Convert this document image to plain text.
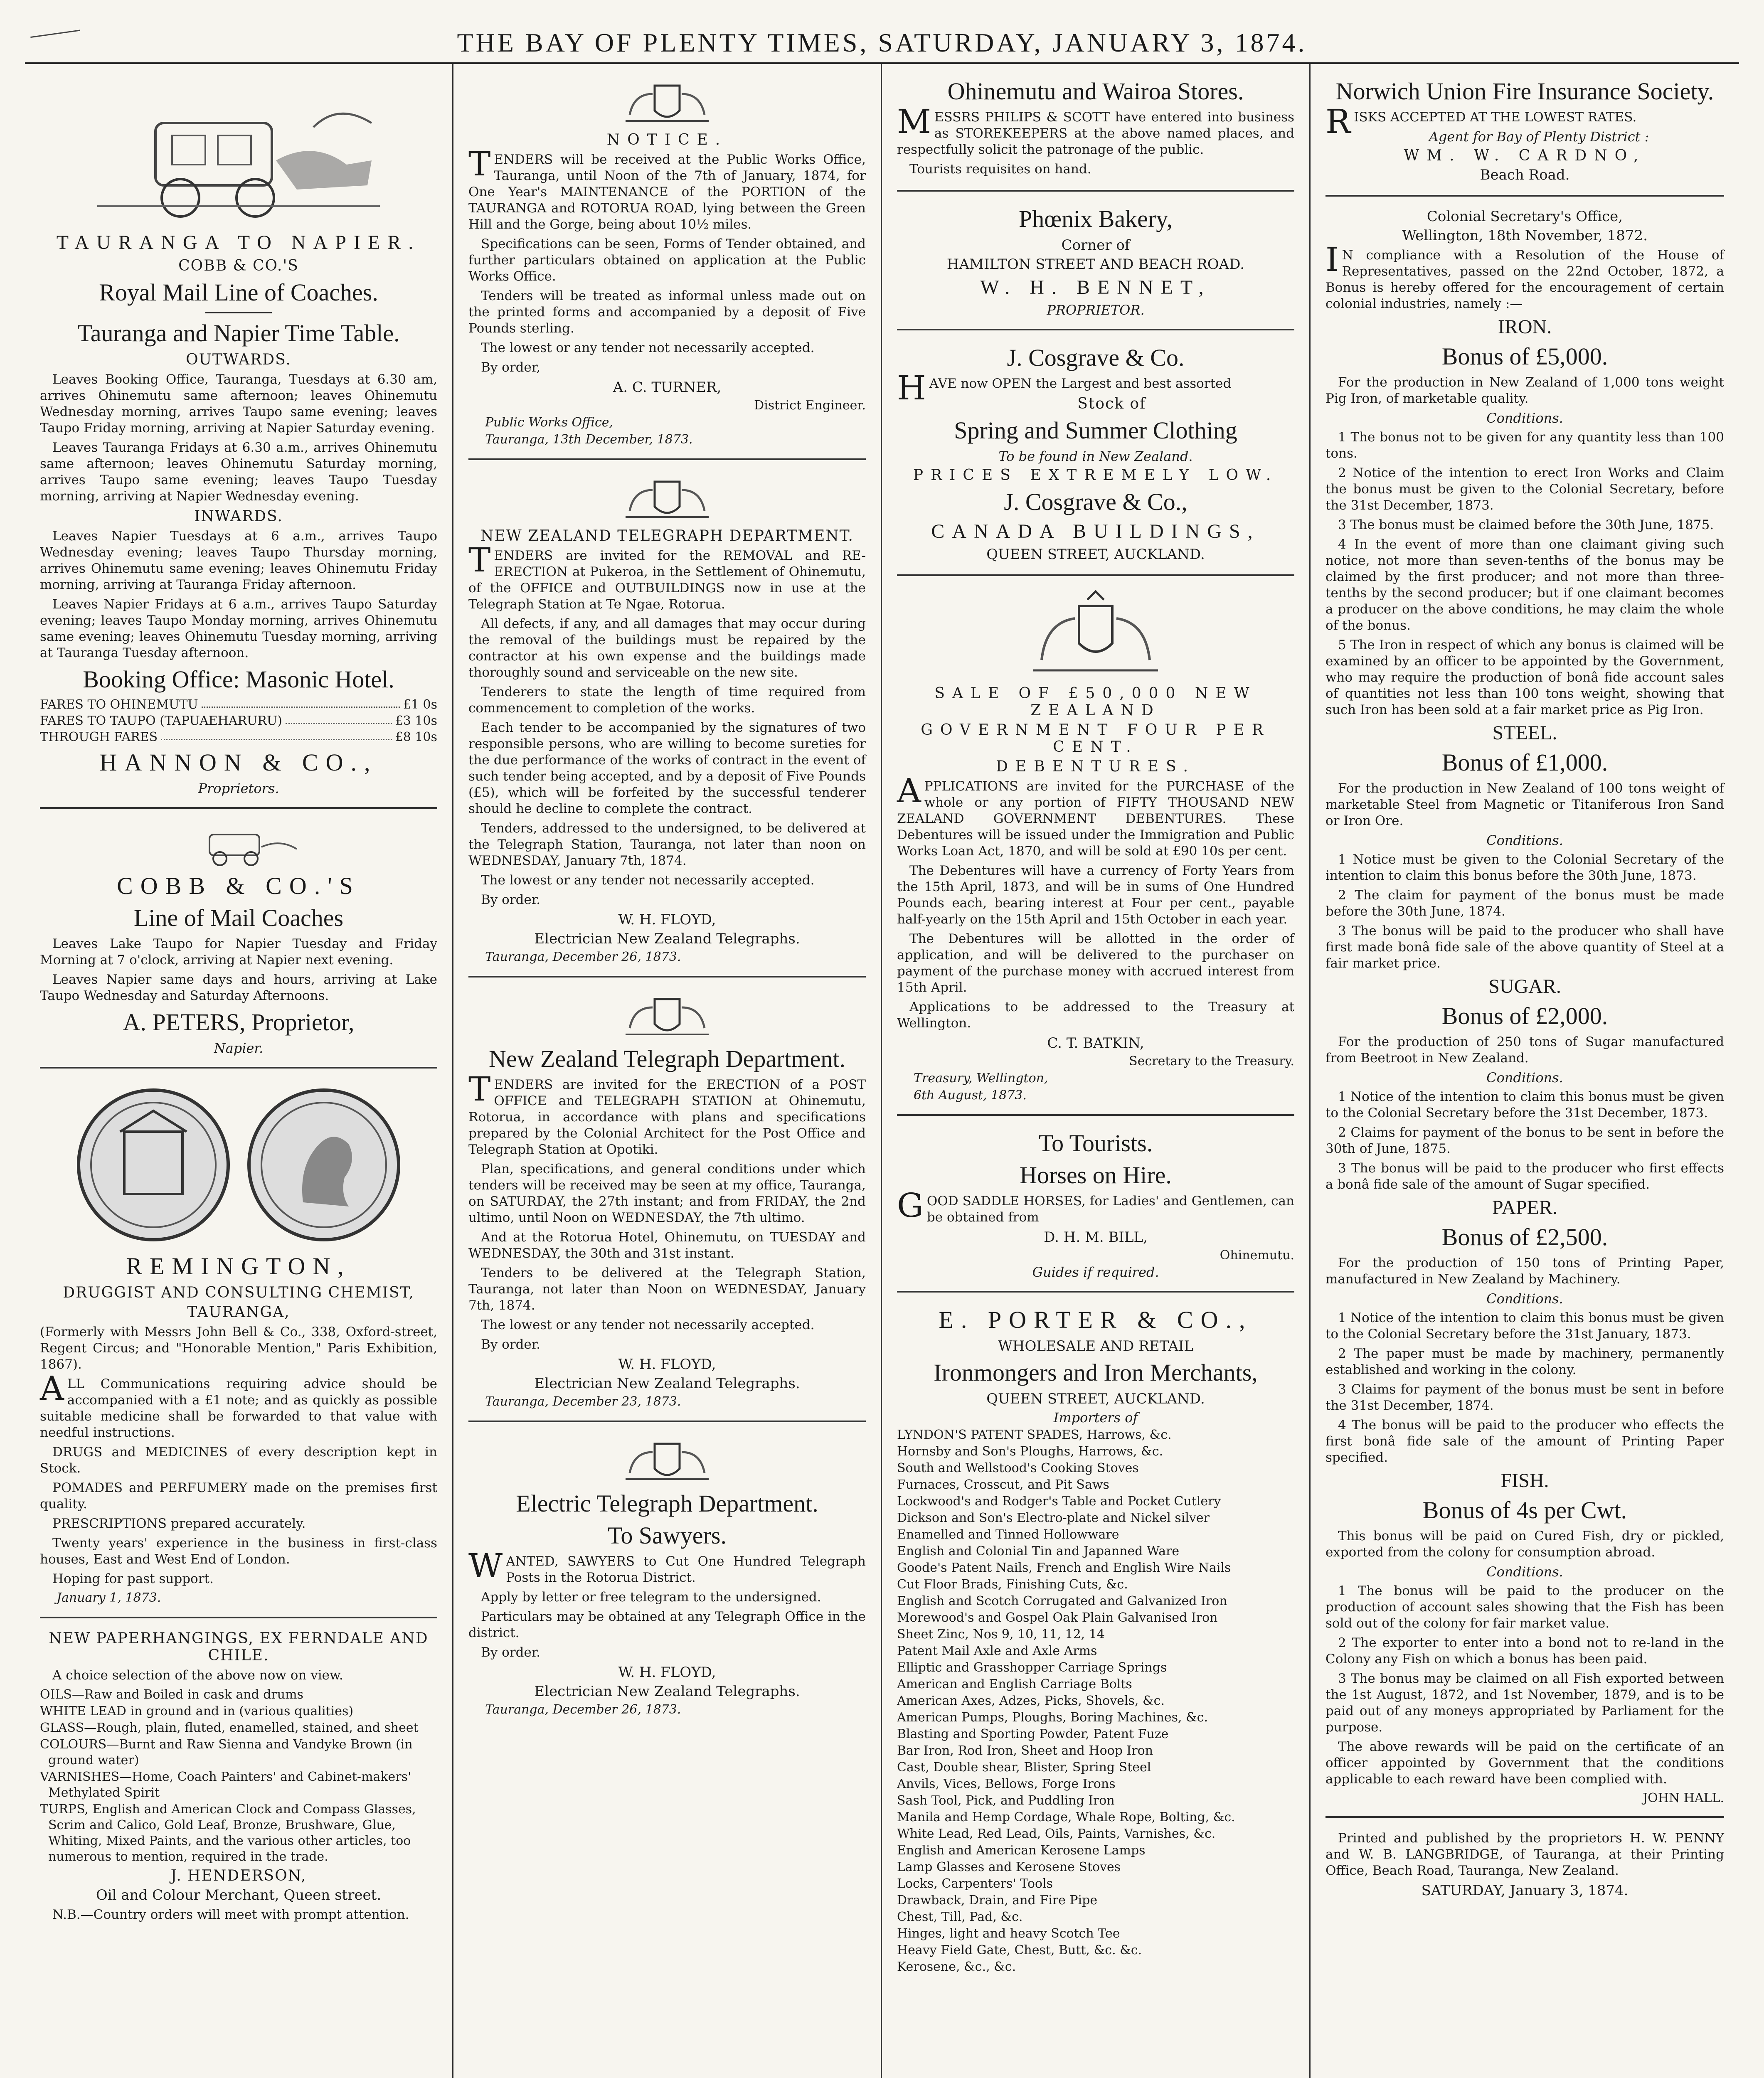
THE BAY OF PLENTY TIMES, SATURDAY, JANUARY 3, 1874.
TAURANGA TO NAPIER.
COBB & CO.'S
Royal Mail Line of Coaches.
Tauranga and Napier Time Table.
OUTWARDS.

Leaves Booking Office, Tauranga, Tuesdays at 6.30 am, arrives Ohinemutu same afternoon; leaves Ohinemutu Wednesday morning, arrives Taupo same evening; leaves Taupo Friday morning, arriving at Napier Saturday evening.

Leaves Tauranga Fridays at 6.30 a.m., arrives Ohinemutu same afternoon; leaves Ohinemutu Saturday morning, arrives Taupo same evening; leaves Taupo Tuesday morning, arriving at Napier Wednesday evening.

INWARDS.

Leaves Napier Tuesdays at 6 a.m., arrives Taupo Wednesday evening; leaves Taupo Thursday morning, arrives Ohinemutu same evening; leaves Ohinemutu Friday morning, arriving at Tauranga Friday afternoon.

Leaves Napier Fridays at 6 a.m., arrives Taupo Saturday evening; leaves Taupo Monday morning, arrives Ohinemutu same evening; leaves Ohinemutu Tuesday morning, arriving at Tauranga Tuesday afternoon.

Booking Office: Masonic Hotel.
FARES TO OHINEMUTU	£1 0s
FARES TO TAUPO (TAPUAEHARURU)	£3 10s
THROUGH FARES	£8 10s
HANNON & CO.,
Proprietors.
COBB & CO.'S
Line of Mail Coaches

Leaves Lake Taupo for Napier Tuesday and Friday Morning at 7 o'clock, arriving at Napier next evening.

Leaves Napier same days and hours, arriving at Lake Taupo Wednesday and Saturday Afternoons.

A. PETERS, Proprietor,
Napier.
REMINGTON,
DRUGGIST AND CONSULTING CHEMIST,
TAURANGA,

(Formerly with Messrs John Bell & Co., 338, Oxford-street, Regent Circus; and "Honorable Mention," Paris Exhibition, 1867).

ALL Communications requiring advice should be accompanied with a £1 note; and as quickly as possible suitable medicine shall be forwarded to that value with needful instructions.

DRUGS and MEDICINES of every description kept in Stock.

POMADES and PERFUMERY made on the premises first quality.

PRESCRIPTIONS prepared accurately.

Twenty years' experience in the business in first-class houses, East and West End of London.

Hoping for past support.

January 1, 1873.
NEW PAPERHANGINGS, EX FERNDALE AND CHILE.

A choice selection of the above now on view.

OILS—Raw and Boiled in cask and drums

WHITE LEAD in ground and in (various qualities)

GLASS—Rough, plain, fluted, enamelled, stained, and sheet

COLOURS—Burnt and Raw Sienna and Vandyke Brown (in ground water)

VARNISHES—Home, Coach Painters' and Cabinet-makers' Methylated Spirit

TURPS, English and American Clock and Compass Glasses, Scrim and Calico, Gold Leaf, Bronze, Brushware, Glue, Whiting, Mixed Paints, and the various other articles, too numerous to mention, required in the trade.

J. HENDERSON,
Oil and Colour Merchant, Queen street.

N.B.—Country orders will meet with prompt attention.

NOTICE.

TENDERS will be received at the Public Works Office, Tauranga, until Noon of the 7th of January, 1874, for One Year's MAINTENANCE of the PORTION of the TAURANGA and ROTORUA ROAD, lying between the Green Hill and the Gorge, being about 10½ miles.

Specifications can be seen, Forms of Tender obtained, and further particulars obtained on application at the Public Works Office.

Tenders will be treated as informal unless made out on the printed forms and accompanied by a deposit of Five Pounds sterling.

The lowest or any tender not necessarily accepted.

By order,

A. C. TURNER,
District Engineer.
Public Works Office,
Tauranga, 13th December, 1873.
NEW ZEALAND TELEGRAPH DEPARTMENT.

TENDERS are invited for the REMOVAL and RE-ERECTION at Pukeroa, in the Settlement of Ohinemutu, of the OFFICE and OUTBUILDINGS now in use at the Telegraph Station at Te Ngae, Rotorua.

All defects, if any, and all damages that may occur during the removal of the buildings must be repaired by the contractor at his own expense and the buildings made thoroughly sound and serviceable on the new site.

Tenderers to state the length of time required from commencement to completion of the works.

Each tender to be accompanied by the signatures of two responsible persons, who are willing to become sureties for the due performance of the works of contract in the event of such tender being accepted, and by a deposit of Five Pounds (£5), which will be forfeited by the successful tenderer should he decline to complete the contract.

Tenders, addressed to the undersigned, to be delivered at the Telegraph Station, Tauranga, not later than noon on WEDNESDAY, January 7th, 1874.

The lowest or any tender not necessarily accepted.

By order.

W. H. FLOYD,
Electrician New Zealand Telegraphs.
Tauranga, December 26, 1873.
New Zealand Telegraph Department.

TENDERS are invited for the ERECTION of a POST OFFICE and TELEGRAPH STATION at Ohinemutu, Rotorua, in accordance with plans and specifications prepared by the Colonial Architect for the Post Office and Telegraph Station at Opotiki.

Plan, specifications, and general conditions under which tenders will be received may be seen at my office, Tauranga, on SATURDAY, the 27th instant; and from FRIDAY, the 2nd ultimo, until Noon on WEDNESDAY, the 7th ultimo.

And at the Rotorua Hotel, Ohinemutu, on TUESDAY and WEDNESDAY, the 30th and 31st instant.

Tenders to be delivered at the Telegraph Station, Tauranga, not later than Noon on WEDNESDAY, January 7th, 1874.

The lowest or any tender not necessarily accepted.

By order.

W. H. FLOYD,
Electrician New Zealand Telegraphs.
Tauranga, December 23, 1873.
Electric Telegraph Department.
To Sawyers.

WANTED, SAWYERS to Cut One Hundred Telegraph Posts in the Rotorua District.

Apply by letter or free telegram to the undersigned.

Particulars may be obtained at any Telegraph Office in the district.

By order.

W. H. FLOYD,
Electrician New Zealand Telegraphs.
Tauranga, December 26, 1873.
Ohinemutu and Wairoa Stores.

MESSRS PHILIPS & SCOTT have entered into business as STOREKEEPERS at the above named places, and respectfully solicit the patronage of the public.

Tourists requisites on hand.

Phœnix Bakery,
Corner of
HAMILTON STREET AND BEACH ROAD.
W. H. BENNET,
PROPRIETOR.
J. Cosgrave & Co.

HAVE now OPEN the Largest and best assorted

Stock of
Spring and Summer Clothing
To be found in New Zealand.
PRICES EXTREMELY LOW.
J. Cosgrave & Co.,
CANADA BUILDINGS,
QUEEN STREET, AUCKLAND.
SALE OF £50,000 NEW ZEALAND
GOVERNMENT FOUR PER CENT.
DEBENTURES.

APPLICATIONS are invited for the PURCHASE of the whole or any portion of FIFTY THOUSAND NEW ZEALAND GOVERNMENT DEBENTURES. These Debentures will be issued under the Immigration and Public Works Loan Act, 1870, and will be sold at £90 10s per cent.

The Debentures will have a currency of Forty Years from the 15th April, 1873, and will be in sums of One Hundred Pounds each, bearing interest at Four per cent., payable half-yearly on the 15th April and 15th October in each year.

The Debentures will be allotted in the order of application, and will be delivered to the purchaser on payment of the purchase money with accrued interest from 15th April.

Applications to be addressed to the Treasury at Wellington.

C. T. BATKIN,
Secretary to the Treasury.
Treasury, Wellington,
6th August, 1873.
To Tourists.
Horses on Hire.

GOOD SADDLE HORSES, for Ladies' and Gentlemen, can be obtained from

D. H. M. BILL,
Ohinemutu.
Guides if required.
E. PORTER & CO.,
WHOLESALE AND RETAIL
Ironmongers and Iron Merchants,
QUEEN STREET, AUCKLAND.
Importers of

LYNDON'S PATENT SPADES, Harrows, &c.

Hornsby and Son's Ploughs, Harrows, &c.

South and Wellstood's Cooking Stoves

Furnaces, Crosscut, and Pit Saws

Lockwood's and Rodger's Table and Pocket Cutlery

Dickson and Son's Electro-plate and Nickel silver

Enamelled and Tinned Hollowware

English and Colonial Tin and Japanned Ware

Goode's Patent Nails, French and English Wire Nails

Cut Floor Brads, Finishing Cuts, &c.

English and Scotch Corrugated and Galvanized Iron

Morewood's and Gospel Oak Plain Galvanised Iron

Sheet Zinc, Nos 9, 10, 11, 12, 14

Patent Mail Axle and Axle Arms

Elliptic and Grasshopper Carriage Springs

American and English Carriage Bolts

American Axes, Adzes, Picks, Shovels, &c.

American Pumps, Ploughs, Boring Machines, &c.

Blasting and Sporting Powder, Patent Fuze

Bar Iron, Rod Iron, Sheet and Hoop Iron

Cast, Double shear, Blister, Spring Steel

Anvils, Vices, Bellows, Forge Irons

Sash Tool, Pick, and Puddling Iron

Manila and Hemp Cordage, Whale Rope, Bolting, &c.

White Lead, Red Lead, Oils, Paints, Varnishes, &c.

English and American Kerosene Lamps

Lamp Glasses and Kerosene Stoves

Locks, Carpenters' Tools

Drawback, Drain, and Fire Pipe

Chest, Till, Pad, &c.

Hinges, light and heavy Scotch Tee

Heavy Field Gate, Chest, Butt, &c. &c.

Kerosene, &c., &c.

Norwich Union Fire Insurance Society.

RISKS ACCEPTED AT THE LOWEST RATES.

Agent for Bay of Plenty District :
WM. W. CARDNO,
Beach Road.
Colonial Secretary's Office,
Wellington, 18th November, 1872.

IN compliance with a Resolution of the House of Representatives, passed on the 22nd October, 1872, a Bonus is hereby offered for the encouragement of certain colonial industries, namely :—

IRON.
Bonus of £5,000.

For the production in New Zealand of 1,000 tons weight Pig Iron, of marketable quality.

Conditions.

1 The bonus not to be given for any quantity less than 100 tons.

2 Notice of the intention to erect Iron Works and Claim the bonus must be given to the Colonial Secretary, before the 31st December, 1873.

3 The bonus must be claimed before the 30th June, 1875.

4 In the event of more than one claimant giving such notice, not more than seven-tenths of the bonus may be claimed by the first producer; and not more than three-tenths by the second producer; but if one claimant becomes a producer on the above conditions, he may claim the whole of the bonus.

5 The Iron in respect of which any bonus is claimed will be examined by an officer to be appointed by the Government, who may require the production of bonâ fide account sales of quantities not less than 100 tons weight, showing that such Iron has been sold at a fair market price as Pig Iron.

STEEL.
Bonus of £1,000.

For the production in New Zealand of 100 tons weight of marketable Steel from Magnetic or Titaniferous Iron Sand or Iron Ore.

Conditions.

1 Notice must be given to the Colonial Secretary of the intention to claim this bonus before the 30th June, 1873.

2 The claim for payment of the bonus must be made before the 30th June, 1874.

3 The bonus will be paid to the producer who shall have first made bonâ fide sale of the above quantity of Steel at a fair market price.

SUGAR.
Bonus of £2,000.

For the production of 250 tons of Sugar manufactured from Beetroot in New Zealand.

Conditions.

1 Notice of the intention to claim this bonus must be given to the Colonial Secretary before the 31st December, 1873.

2 Claims for payment of the bonus to be sent in before the 30th of June, 1875.

3 The bonus will be paid to the producer who first effects a bonâ fide sale of the amount of Sugar specified.

PAPER.
Bonus of £2,500.

For the production of 150 tons of Printing Paper, manufactured in New Zealand by Machinery.

Conditions.

1 Notice of the intention to claim this bonus must be given to the Colonial Secretary before the 31st January, 1873.

2 The paper must be made by machinery, permanently established and working in the colony.

3 Claims for payment of the bonus must be sent in before the 31st December, 1874.

4 The bonus will be paid to the producer who effects the first bonâ fide sale of the amount of Printing Paper specified.

FISH.
Bonus of 4s per Cwt.

This bonus will be paid on Cured Fish, dry or pickled, exported from the colony for consumption abroad.

Conditions.

1 The bonus will be paid to the producer on the production of account sales showing that the Fish has been sold out of the colony for fair market value.

2 The exporter to enter into a bond not to re-land in the Colony any Fish on which a bonus has been paid.

3 The bonus may be claimed on all Fish exported between the 1st August, 1872, and 1st November, 1879, and is to be paid out of any moneys appropriated by Parliament for the purpose.

The above rewards will be paid on the certificate of an officer appointed by Government that the conditions applicable to each reward have been complied with.

JOHN HALL.

Printed and published by the proprietors H. W. PENNY and W. B. LANGBRIDGE, of Tauranga, at their Printing Office, Beach Road, Tauranga, New Zealand.

SATURDAY, January 3, 1874.
